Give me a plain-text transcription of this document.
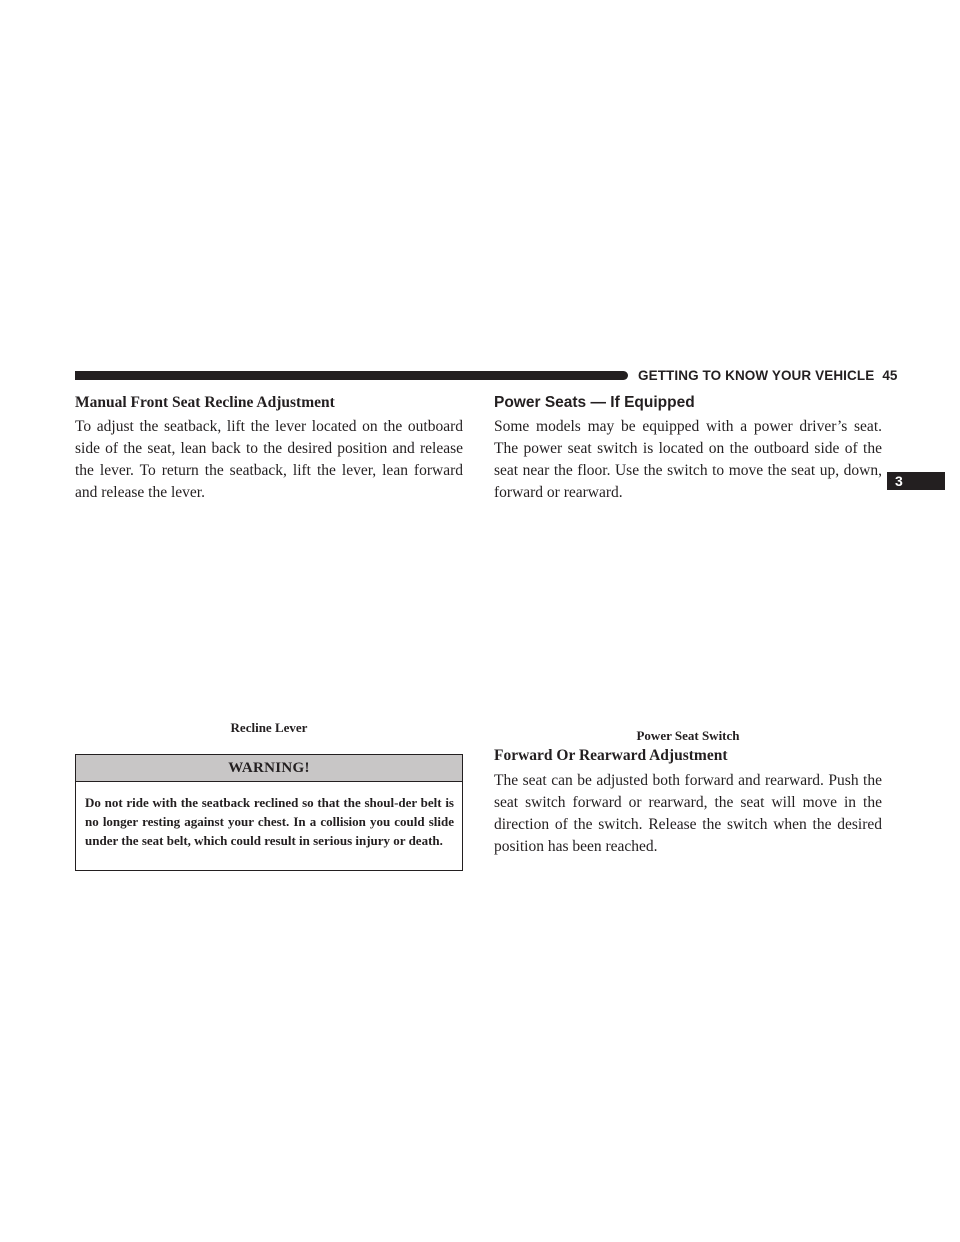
GETTING TO KNOW YOUR VEHICLE 45
3
Manual Front Seat Recline Adjustment

To adjust the seatback, lift the lever located on the outboard side of the seat, lean back to the desired position and release the lever. To return the seatback, lift the lever, lean forward and release the lever.

Power Seats — If Equipped

Some models may be equipped with a power driver’s seat. The power seat switch is located on the outboard side of the seat near the floor. Use the switch to move the seat up, down, forward or rearward.

Recline Lever
Power Seat Switch
WARNING!

Do not ride with the seatback reclined so that the shoul-der belt is no longer resting against your chest. In a collision you could slide under the seat belt, which could result in serious injury or death.

Forward Or Rearward Adjustment

The seat can be adjusted both forward and rearward. Push the seat switch forward or rearward, the seat will move in the direction of the switch. Release the switch when the desired position has been reached.
